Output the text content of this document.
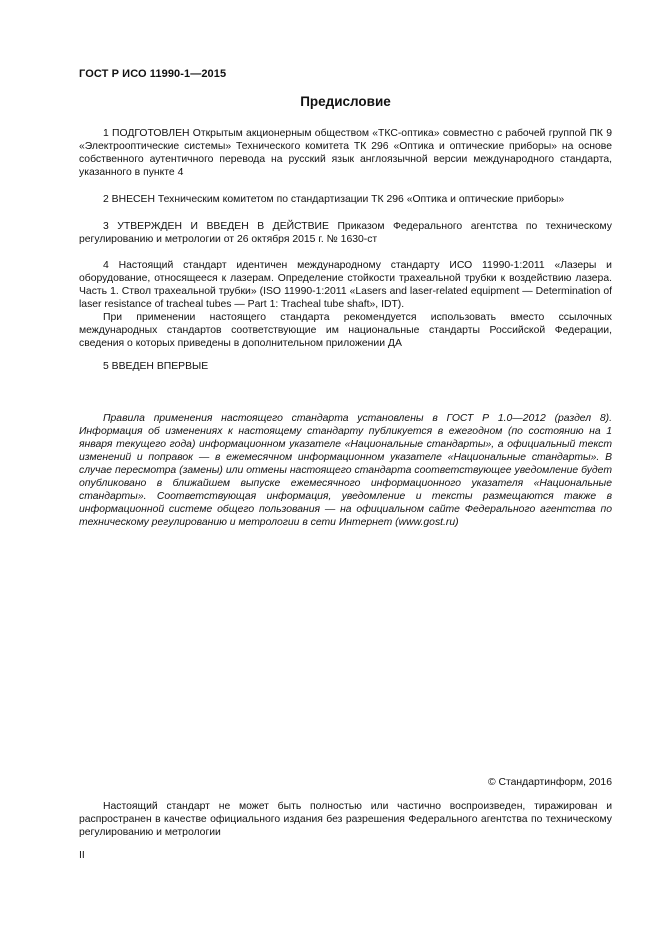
ГОСТ Р ИСО 11990-1—2015
Предисловие

1 ПОДГОТОВЛЕН Открытым акционерным обществом «ТКС-оптика» совместно с рабочей группой ПК 9 «Электрооптические системы» Технического комитета ТК 296 «Оптика и оптические приборы» на основе собственного аутентичного перевода на русский язык англоязычной версии международного стандарта, указанного в пункте 4

2 ВНЕСЕН Техническим комитетом по стандартизации ТК 296 «Оптика и оптические приборы»

3 УТВЕРЖДЕН И ВВЕДЕН В ДЕЙСТВИЕ Приказом Федерального агентства по техническому регулированию и метрологии от 26 октября 2015 г. № 1630-ст

4 Настоящий стандарт идентичен международному стандарту ИСО 11990-1:2011 «Лазеры и оборудование, относящееся к лазерам. Определение стойкости трахеальной трубки к воздействию лазера. Часть 1. Ствол трахеальной трубки» (ISO 11990-1:2011 «Lasers and laser-related equipment — Determination of laser resistance of tracheal tubes — Part 1: Tracheal tube shaft», IDT).

При применении настоящего стандарта рекомендуется использовать вместо ссылочных международных стандартов соответствующие им национальные стандарты Российской Федерации, сведения о которых приведены в дополнительном приложении ДА

5 ВВЕДЕН ВПЕРВЫЕ

Правила применения настоящего стандарта установлены в ГОСТ Р 1.0—2012 (раздел 8). Информация об изменениях к настоящему стандарту публикуется в ежегодном (по состоянию на 1 января текущего года) информационном указателе «Национальные стандарты», а официальный текст изменений и поправок — в ежемесячном информационном указателе «Национальные стандарты». В случае пересмотра (замены) или отмены настоящего стандарта соответствующее уведомление будет опубликовано в ближайшем выпуске ежемесячного информационного указателя «Национальные стандарты». Соответствующая информация, уведомление и тексты размещаются также в информационной системе общего пользования — на официальном сайте Федерального агентства по техническому регулированию и метрологии в сети Интернет (www.gost.ru)

© Стандартинформ, 2016

Настоящий стандарт не может быть полностью или частично воспроизведен, тиражирован и распространен в качестве официального издания без разрешения Федерального агентства по техническому регулированию и метрологии

II
